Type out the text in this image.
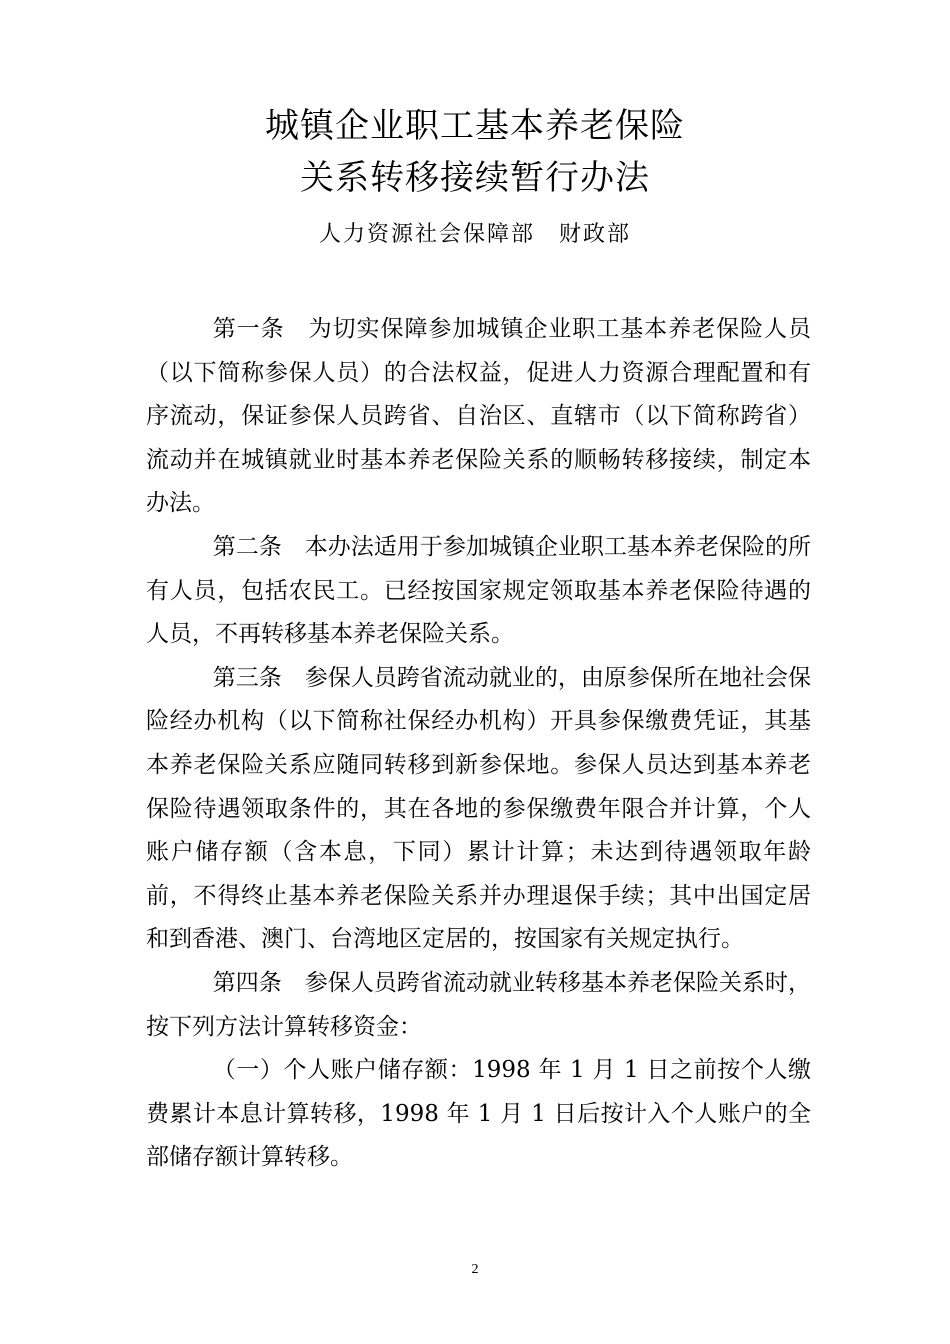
城镇企业职工基本养老保险
关系转移接续暂行办法
人力资源社会保障部　财政部

第一条　为切实保障参加城镇企业职工基本养老保险人员（以下简称参保人员）的合法权益，促进人力资源合理配置和有序流动，保证参保人员跨省、自治区、直辖市（以下简称跨省）流动并在城镇就业时基本养老保险关系的顺畅转移接续，制定本办法。

第二条　本办法适用于参加城镇企业职工基本养老保险的所有人员，包括农民工。已经按国家规定领取基本养老保险待遇的人员，不再转移基本养老保险关系。

第三条　参保人员跨省流动就业的，由原参保所在地社会保险经办机构（以下简称社保经办机构）开具参保缴费凭证，其基本养老保险关系应随同转移到新参保地。参保人员达到基本养老保险待遇领取条件的，其在各地的参保缴费年限合并计算，个人账户储存额（含本息，下同）累计计算；未达到待遇领取年龄前，不得终止基本养老保险关系并办理退保手续；其中出国定居和到香港、澳门、台湾地区定居的，按国家有关规定执行。

第四条　参保人员跨省流动就业转移基本养老保险关系时，按下列方法计算转移资金：

（一）个人账户储存额：1998 年 1 月 1 日之前按个人缴费累计本息计算转移，1998 年 1 月 1 日后按计入个人账户的全部储存额计算转移。

2
